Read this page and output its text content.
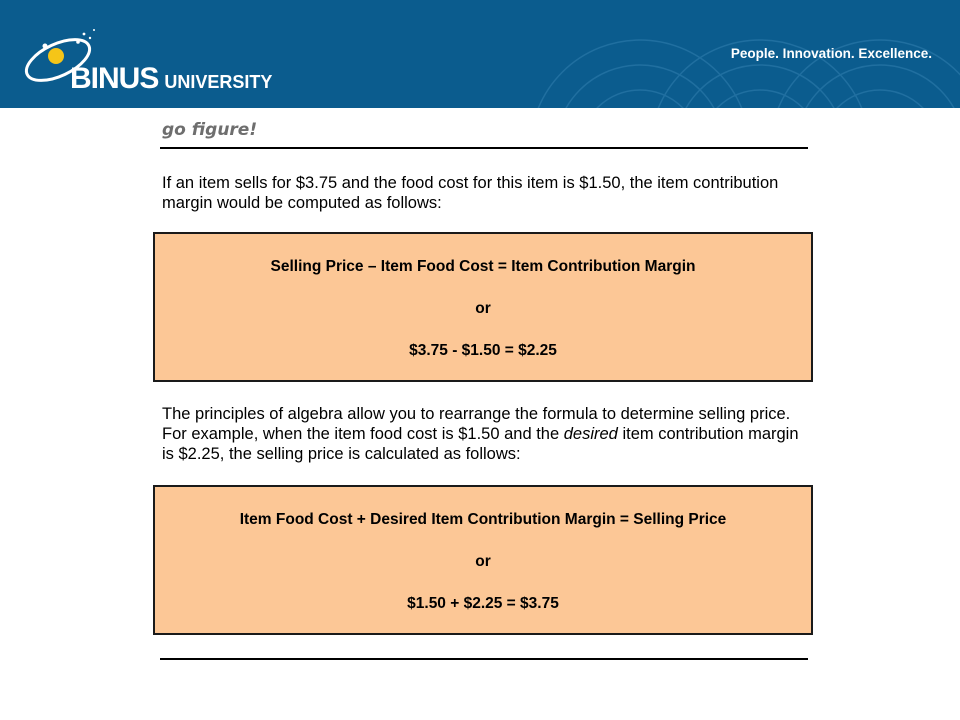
BINUS UNIVERSITY
People. Innovation. Excellence.
go figure!

If an item sells for $3.75 and the food cost for this item is $1.50, the item contribution margin would be computed as follows:

Selling Price – Item Food Cost = Item Contribution Margin
or
$3.75 - $1.50 = $2.25

The principles of algebra allow you to rearrange the formula to determine selling price. For example, when the item food cost is $1.50 and the desired item contribution margin is $2.25, the selling price is calculated as follows:

Item Food Cost + Desired Item Contribution Margin = Selling Price
or
$1.50 + $2.25 = $3.75
